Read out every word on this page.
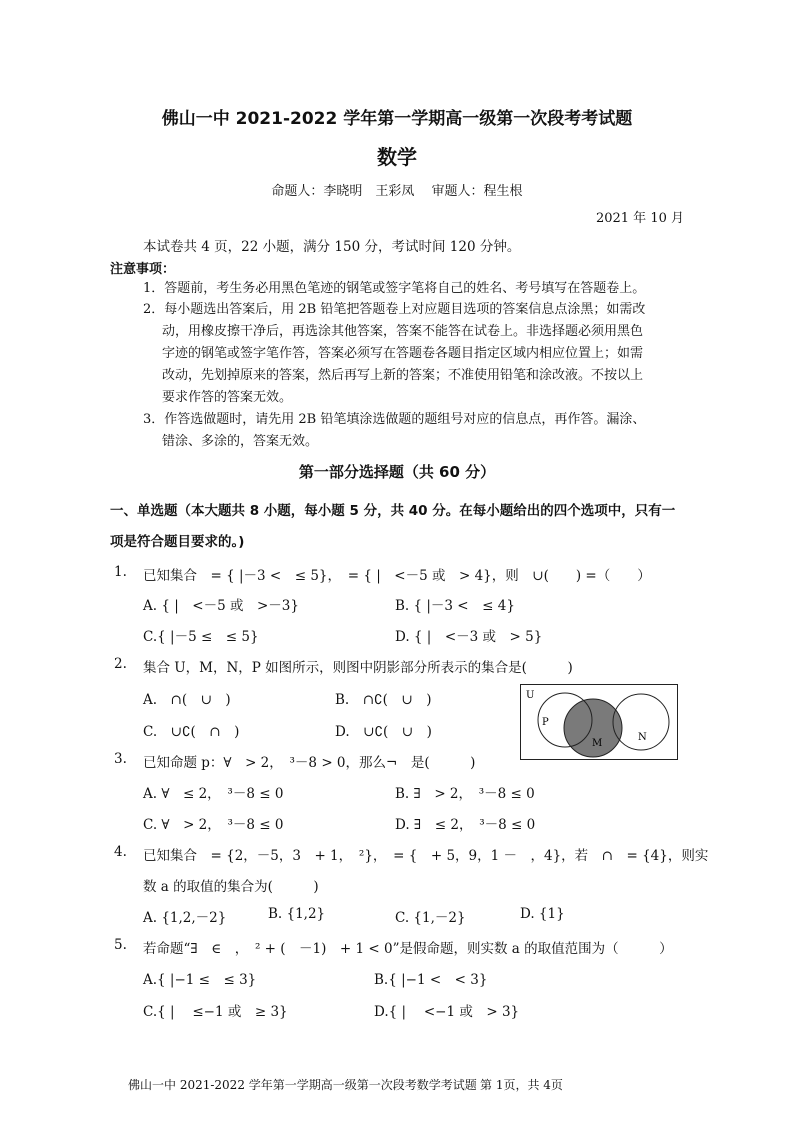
佛山一中 2021-2022 学年第一学期高一级第一次段考考试题
数学
命题人：李晓明　王彩凤　 审题人：程生根
2021 年 10 月
本试卷共 4 页，22 小题，满分 150 分，考试时间 120 分钟。
注意事项：
1．答题前，考生务必用黑色笔迹的钢笔或签字笔将自己的姓名、考号填写在答题卷上。
2．每小题选出答案后，用 2B 铅笔把答题卷上对应题目选项的答案信息点涂黑；如需改
动，用橡皮擦干净后，再选涂其他答案，答案不能答在试卷上。非选择题必须用黑色
字迹的钢笔或签字笔作答，答案必须写在答题卷各题目指定区域内相应位置上；如需
改动，先划掉原来的答案，然后再写上新的答案；不准使用铅笔和涂改液。不按以上
要求作答的答案无效。
3．作答选做题时，请先用 2B 铅笔填涂选做题的题组号对应的信息点，再作答。漏涂、
错涂、多涂的，答案无效。
第一部分选择题（共 60 分）
一、单选题（本大题共 8 小题，每小题 5 分，共 40 分。在每小题给出的四个选项中，只有一
项是符合题目要求的。)
1. 已知集合　= { |－3 <　≤ 5}，　= { |　<－5 或　> 4}，则　∪(　　) =（　　）
A. { |　<－5 或　>－3}	B. { |－3 <　≤ 4}
C.{ |－5 ≤　≤ 5}	D. { |　<－3 或　> 5}
2. 集合 U，M，N，P 如图所示，则图中阴影部分所表示的集合是(　　　)
A.　∩(　∪　)	B.　∩∁(　∪　)
C.　∪∁(　∩　)	D.　∪∁(　∪　)
U
P
M
N
3. 已知命题 p：∀　> 2，　³－8 > 0，那么¬　是(　　　)
A. ∀　≤ 2，　³－8 ≤ 0	B. ∃　> 2，　³－8 ≤ 0
C. ∀　> 2，　³－8 ≤ 0	D. ∃　≤ 2，　³－8 ≤ 0
4. 已知集合　= {2，－5，3　+ 1，　²}，　= {　+ 5，9，1 －　，4}，若　∩　= {4}，则实
数 a 的取值的集合为(　　　)
A. {1,2,－2}	B. {1,2}	C. {1,－2}	D. {1}
5. 若命题“∃　∈　，　² + (　－1)　+ 1 < 0”是假命题，则实数 a 的取值范围为（　　　）
A.{ |−1 ≤　≤ 3}	B.{ |−1 <　< 3}
C.{ | 　≤−1 或　≥ 3}	D.{ | 　<−1 或　> 3}
佛山一中 2021-2022 学年第一学期高一级第一次段考数学考试题 第 1页，共 4页
